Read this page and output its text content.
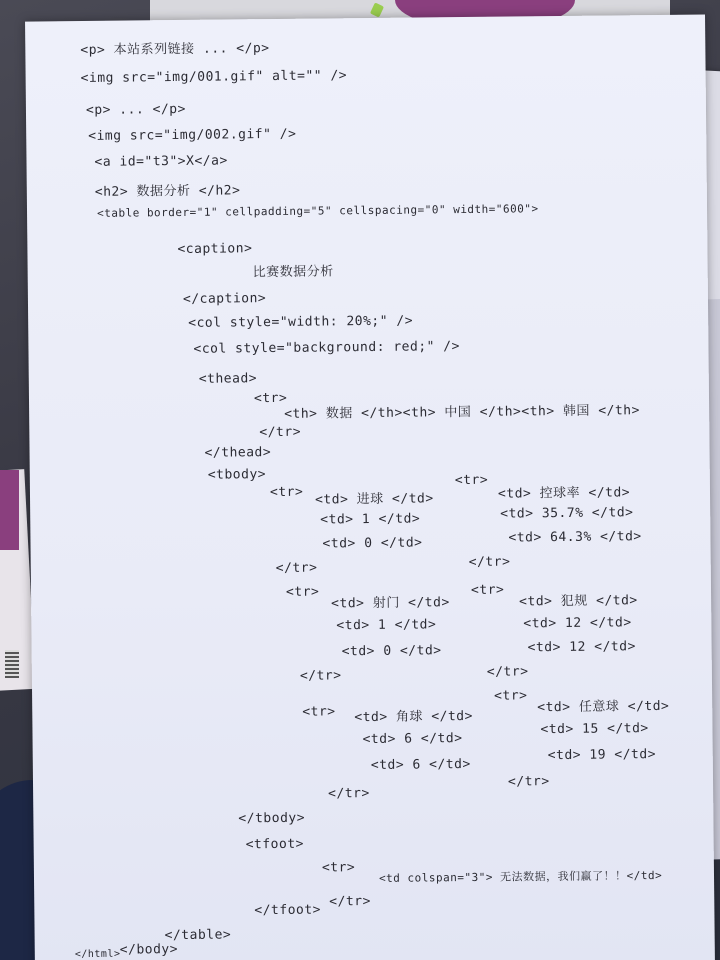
<p> 本站系列链接 ... </p>
<img src="img/001.gif" alt="" />
<p> ... </p>
<img src="img/002.gif" />
<a id="t3">X</a>
<h2> 数据分析 </h2>
<table border="1" cellpadding="5" cellspacing="0" width="600">
<caption>
比赛数据分析
</caption>
<col style="width: 20%;" />
<col style="background: red;" />
<thead>
<tr>
<th> 数据 </th><th> 中国 </th><th> 韩国 </th>
</tr>
</thead>
<tbody>
<tr> <td> 进球 </td>
<td> 1 </td>
<td> 0 </td>
</tr>
<tr>
<td> 射门 </td>
<td> 1 </td>
<td> 0 </td>
</tr>
<tr> <td> 角球 </td>
<td> 6 </td>
<td> 6 </td>
</tr>
<tr>
<td> 控球率 </td>
<td> 35.7% </td>
<td> 64.3% </td>
</tr>
<tr>
<td> 犯规 </td>
<td> 12 </td>
<td> 12 </td>
</tr>
<tr>
<td> 任意球 </td>
<td> 15 </td>
<td> 19 </td>
</tr>
</tbody>
<tfoot>
<tr>
<td colspan="3"> 无法数据，我们赢了！！</td>
</tr>
</tfoot>
</table>
</body>
</html>
